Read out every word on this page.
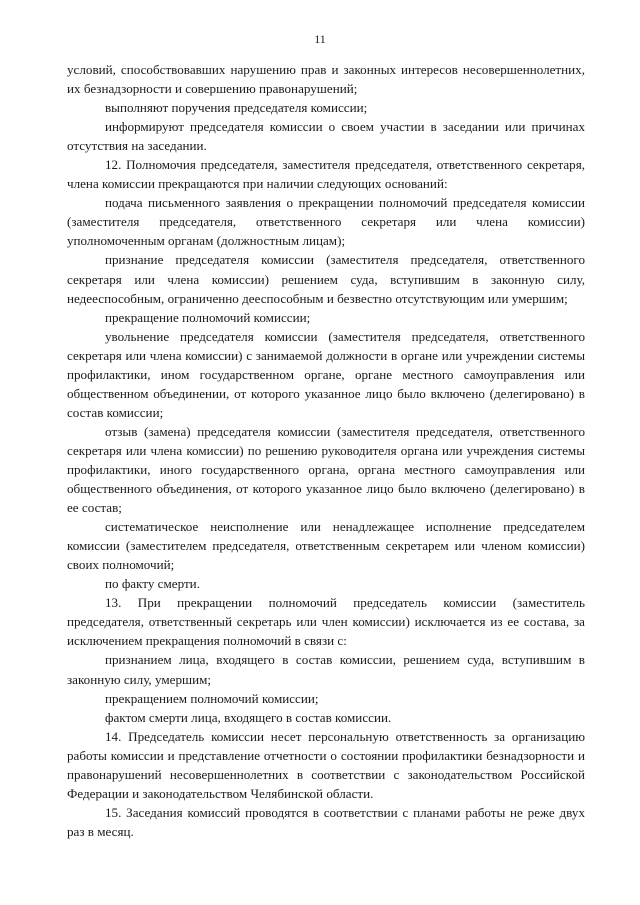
11

условий, способствовавших нарушению прав и законных интересов несовершеннолетних, их безнадзорности и совершению правонарушений;

выполняют поручения председателя комиссии;

информируют председателя комиссии о своем участии в заседании или причинах отсутствия на заседании.

12. Полномочия председателя, заместителя председателя, ответственного секретаря, члена комиссии прекращаются при наличии следующих оснований:

подача письменного заявления о прекращении полномочий председателя комиссии (заместителя председателя, ответственного секретаря или члена комиссии) уполномоченным органам (должностным лицам);

признание председателя комиссии (заместителя председателя, ответственного секретаря или члена комиссии) решением суда, вступившим в законную силу, недееспособным, ограниченно дееспособным и безвестно отсутствующим или умершим;

прекращение полномочий комиссии;

увольнение председателя комиссии (заместителя председателя, ответственного секретаря или члена комиссии) с занимаемой должности в органе или учреждении системы профилактики, ином государственном органе, органе местного самоуправления или общественном объединении, от которого указанное лицо было включено (делегировано) в состав комиссии;

отзыв (замена) председателя комиссии (заместителя председателя, ответственного секретаря или члена комиссии) по решению руководителя органа или учреждения системы профилактики, иного государственного органа, органа местного самоуправления или общественного объединения, от которого указанное лицо было включено (делегировано) в ее состав;

систематическое неисполнение или ненадлежащее исполнение председателем комиссии (заместителем председателя, ответственным секретарем или членом комиссии) своих полномочий;

по факту смерти.

13. При прекращении полномочий председатель комиссии (заместитель председателя, ответственный секретарь или член комиссии) исключается из ее состава, за исключением прекращения полномочий в связи с:

признанием лица, входящего в состав комиссии, решением суда, вступившим в законную силу, умершим;

прекращением полномочий комиссии;

фактом смерти лица, входящего в состав комиссии.

14. Председатель комиссии несет персональную ответственность за организацию работы комиссии и представление отчетности о состоянии профилактики безнадзорности и правонарушений несовершеннолетних в соответствии с законодательством Российской Федерации и законодательством Челябинской области.

15. Заседания комиссий проводятся в соответствии с планами работы не реже двух раз в месяц.
